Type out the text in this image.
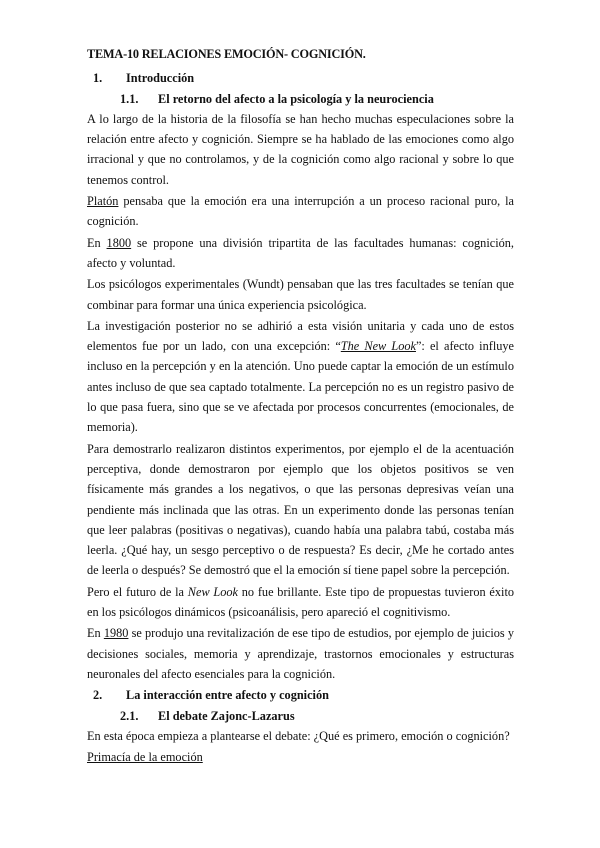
TEMA-10 RELACIONES EMOCIÓN- COGNICIÓN.
1.	Introducción
1.1.	El retorno del afecto a la psicología y la neurociencia

A lo largo de la historia de la filosofía se han hecho muchas especulaciones sobre la relación entre afecto y cognición. Siempre se ha hablado de las emociones como algo irracional y que no controlamos, y de la cognición como algo racional y sobre lo que tenemos control.

Platón pensaba que la emoción era una interrupción a un proceso racional puro, la cognición.

En 1800 se propone una división tripartita de las facultades humanas: cognición, afecto y voluntad.

Los psicólogos experimentales (Wundt) pensaban que las tres facultades se tenían que combinar para formar una única experiencia psicológica.

La investigación posterior no se adhirió a esta visión unitaria y cada uno de estos elementos fue por un lado, con una excepción: “The New Look”: el afecto influye incluso en la percepción y en la atención. Uno puede captar la emoción de un estímulo antes incluso de que sea captado totalmente. La percepción no es un registro pasivo de lo que pasa fuera, sino que se ve afectada por procesos concurrentes (emocionales, de memoria).

Para demostrarlo realizaron distintos experimentos, por ejemplo el de la acentuación perceptiva, donde demostraron por ejemplo que los objetos positivos se ven físicamente más grandes a los negativos, o que las personas depresivas veían una pendiente más inclinada que las otras. En un experimento donde las personas tenían que leer palabras (positivas o negativas), cuando había una palabra tabú, costaba más leerla. ¿Qué hay, un sesgo perceptivo o de respuesta? Es decir, ¿Me he cortado antes de leerla o después? Se demostró que el la emoción sí tiene papel sobre la percepción.

Pero el futuro de la New Look no fue brillante. Este tipo de propuestas tuvieron éxito en los psicólogos dinámicos (psicoanálisis, pero apareció el cognitivismo.

En 1980 se produjo una revitalización de ese tipo de estudios, por ejemplo de juicios y decisiones sociales, memoria y aprendizaje, trastornos emocionales y estructuras neuronales del afecto esenciales para la cognición.

2.	La interacción entre afecto y cognición
2.1.	El debate Zajonc-Lazarus

En esta época empieza a plantearse el debate: ¿Qué es primero, emoción o cognición?

Primacía de la emoción
